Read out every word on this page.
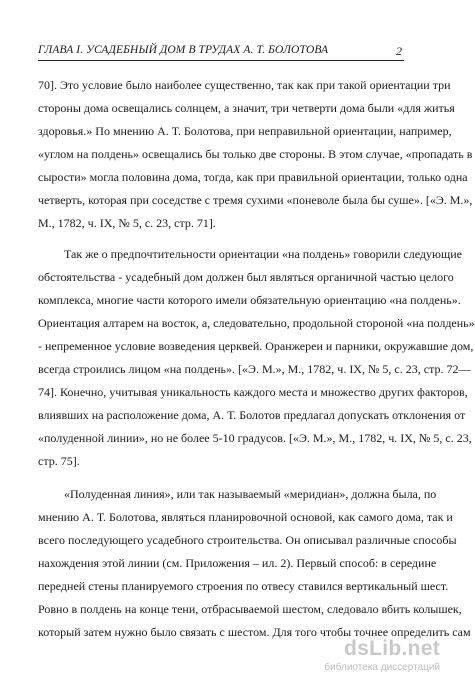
ГЛАВА I. УСАДЕБНЫЙ ДОМ В ТРУДАХ А. Т. БОЛОТОВА	2
70]. Это условие было наиболее существенно, так как при такой ориентации три
стороны дома освещались солнцем, а значит, три четверти дома были «для житья
здоровья.» По мнению А. Т. Болотова, при неправильной ориентации, например,
«углом на полдень» освещались бы только две стороны. В этом случае, «пропадать в
сырости» могла половина дома, тогда, как при правильной ориентации, только одна
четверть, которая при соседстве с тремя сухими «поневоле была бы суше». [«Э. М.»,
М., 1782, ч. IX, № 5, с. 23, стр. 71].
Так же о предпочтительности ориентации «на полдень» говорили следующие
обстоятельства - усадебный дом должен был являться органичной частью целого
комплекса, многие части которого имели обязательную ориентацию «на полдень».
Ориентация алтарем на восток, а, следовательно, продольной стороной «на полдень»
- непременное условие возведения церквей. Оранжереи и парники, окружавшие дом,
всегда строились лицом «на полдень». [«Э. М.», М., 1782, ч. IX, № 5, с. 23, стр. 72—
74]. Конечно, учитывая уникальность каждого места и множество других факторов,
влиявших на расположение дома, А. Т. Болотов предлагал допускать отклонения от
«полуденной линии», но не более 5-10 градусов. [«Э. М.», М., 1782, ч. IX, № 5, с. 23,
стр. 75].
«Полуденная линия», или так называемый «меридиан», должна была, по
мнению А. Т. Болотова, являться планировочной основой, как самого дома, так и
всего последующего усадебного строительства. Он описывал различные способы
нахождения этой линии (см. Приложения – ил. 2). Первый способ: в середине
передней стены планируемого строения по отвесу ставился вертикальный шест.
Ровно в полдень на конце тени, отбрасываемой шестом, следовало вбить колышек,
который затем нужно было связать с шестом. Для того чтобы точнее определить сам
dsLib.net
библиотека диссертаций
